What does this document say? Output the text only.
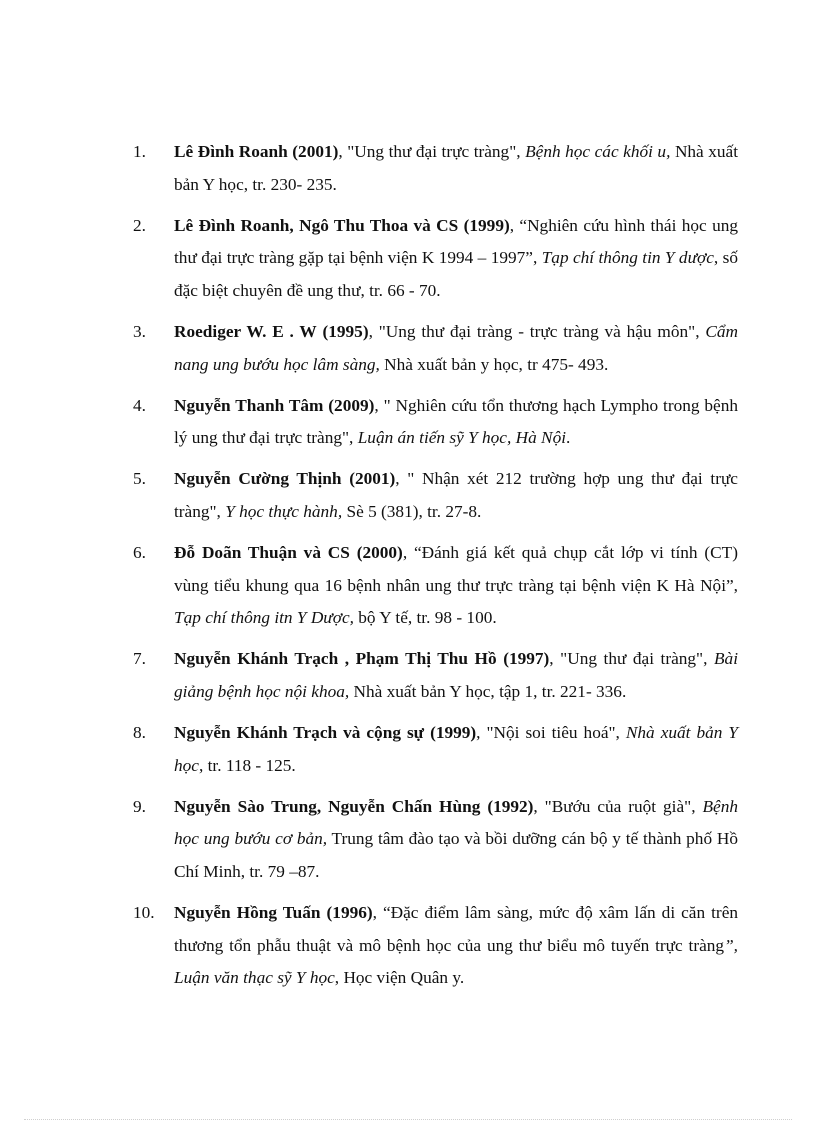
1.	Lê Đình Roanh (2001), "Ung thư đại trực tràng", Bệnh học các khối u, Nhà xuất bản Y học, tr. 230- 235.
2.	Lê Đình Roanh, Ngô Thu Thoa và CS (1999), “Nghiên cứu hình thái học ung thư đại trực tràng gặp tại bệnh viện K 1994 – 1997”, Tạp chí thông tin Y dược, số đặc biệt chuyên đề ung thư, tr. 66 - 70.
3.	Roediger W. E . W (1995), "Ung thư đại tràng - trực tràng và hậu môn", Cẩm nang ung bướu học lâm sàng, Nhà xuất bản y học, tr 475- 493.
4.	Nguyễn Thanh Tâm (2009), " Nghiên cứu tổn thương hạch Lympho trong bệnh lý ung thư đại trực tràng", Luận án tiến sỹ Y học, Hà Nội.
5.	Nguyễn Cường Thịnh (2001), " Nhận xét 212 trường hợp ung thư đại trực tràng", Y học thực hành, Sè 5 (381), tr. 27-8.
6.	Đỗ Doãn Thuận và CS (2000), “Đánh giá kết quả chụp cắt lớp vi tính (CT) vùng tiểu khung qua 16 bệnh nhân ung thư trực tràng tại bệnh viện K Hà Nội”, Tạp chí thông itn Y Dược, bộ Y tế, tr. 98 - 100.
7.	Nguyễn Khánh Trạch , Phạm Thị Thu Hồ (1997), "Ung thư đại tràng", Bài giảng bệnh học nội khoa, Nhà xuất bản Y học, tập 1, tr. 221- 336.
8.	Nguyễn Khánh Trạch và cộng sự (1999), "Nội soi tiêu hoá", Nhà xuất bản Y học, tr. 118 - 125.
9.	Nguyễn Sào Trung, Nguyễn Chấn Hùng (1992), "Bướu của ruột già", Bệnh học ung bướu cơ bản, Trung tâm đào tạo và bồi dưỡng cán bộ y tế thành phố Hồ Chí Minh, tr. 79 –87.
10.	Nguyễn Hồng Tuấn (1996), “Đặc điểm lâm sàng, mức độ xâm lấn di căn trên thương tổn phẫu thuật và mô bệnh học của ung thư biểu mô tuyến trực tràng”, Luận văn thạc sỹ Y học, Học viện Quân y.
